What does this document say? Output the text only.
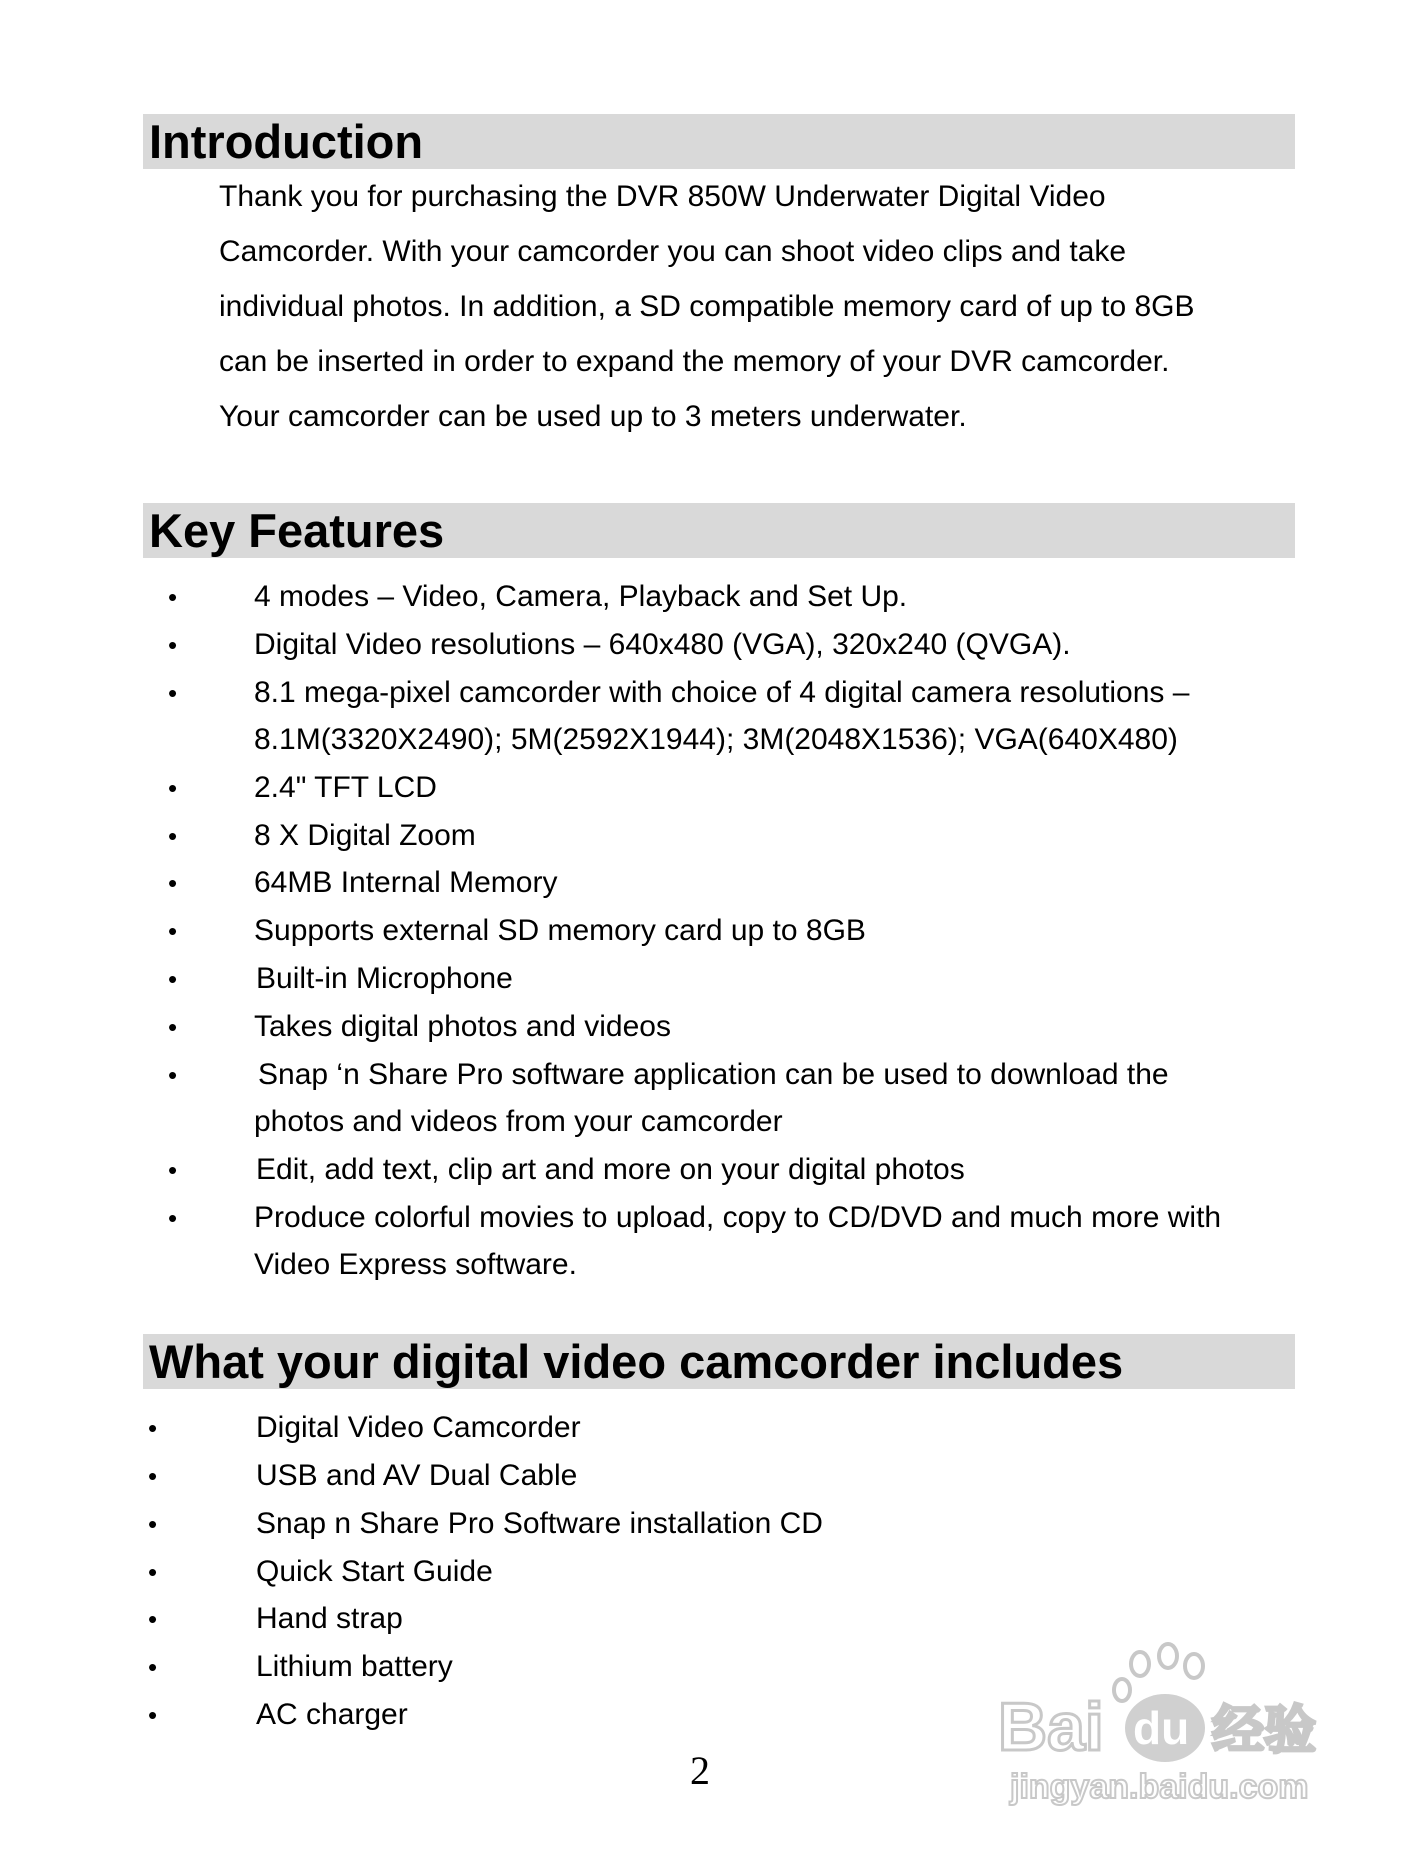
Introduction
Thank you for purchasing the DVR 850W Underwater Digital Video
Camcorder. With your camcorder you can shoot video clips and take
individual photos. In addition, a SD compatible memory card of up to 8GB
can be inserted in order to expand the memory of your DVR camcorder.
Your camcorder can be used up to 3 meters underwater.
Key Features
•	4 modes – Video, Camera, Playback and Set Up.
•	Digital Video resolutions – 640x480 (VGA), 320x240 (QVGA).
•	8.1 mega-pixel camcorder with choice of 4 digital camera resolutions –
8.1M(3320X2490); 5M(2592X1944); 3M(2048X1536); VGA(640X480)
•	2.4" TFT LCD
•	8 X Digital Zoom
•	64MB Internal Memory
•	Supports external SD memory card up to 8GB
•	Built-in Microphone
•	Takes digital photos and videos
•	Snap ‘n Share Pro software application can be used to download the
photos and videos from your camcorder
•	Edit, add text, clip art and more on your digital photos
•	Produce colorful movies to upload, copy to CD/DVD and much more with
Video Express software.
What your digital video camcorder includes
•	Digital Video Camcorder
•	USB and AV Dual Cable
•	Snap n Share Pro Software installation CD
•	Quick Start Guide
•	Hand strap
•	Lithium battery
•	AC charger
2
Bai du 经验
jingyan.baidu.com
